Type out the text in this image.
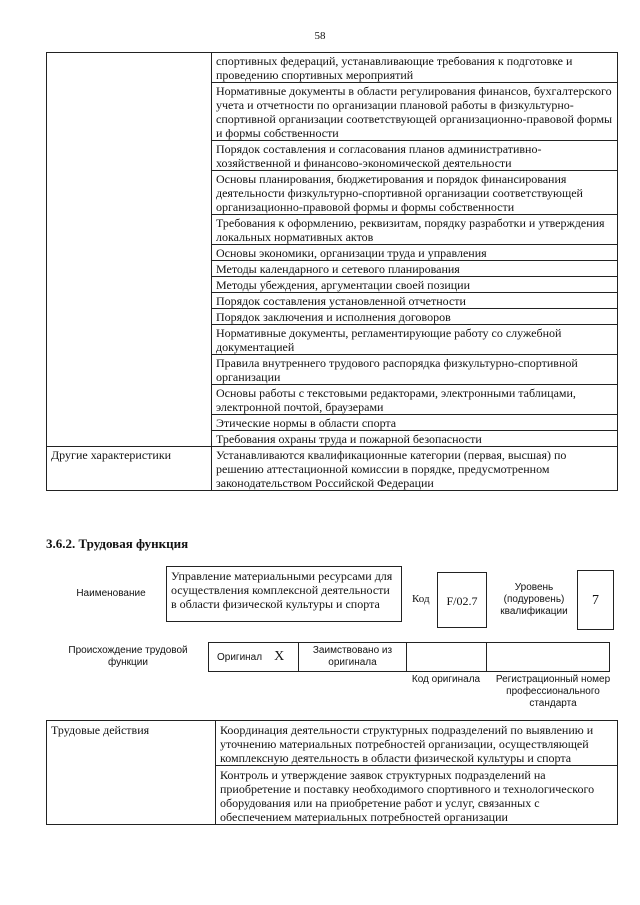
58
	спортивных федераций, устанавливающие требования к подготовке и проведению спортивных мероприятий
	Нормативные документы в области регулирования финансов, бухгалтерского учета и отчетности по организации плановой работы в физкультурно-спортивной организации соответствующей организационно-правовой формы и формы собственности
	Порядок составления и согласования планов административно-хозяйственной и финансово-экономической деятельности
	Основы планирования, бюджетирования и порядок финансирования деятельности физкультурно-спортивной организации соответствующей организационно-правовой формы и формы собственности
	Требования к оформлению, реквизитам, порядку разработки и утверждения локальных нормативных актов
	Основы экономики, организации труда и управления
	Методы календарного и сетевого планирования
	Методы убеждения, аргументации своей позиции
	Порядок составления установленной отчетности
	Порядок заключения и исполнения договоров
	Нормативные документы, регламентирующие работу со служебной документацией
	Правила внутреннего трудового распорядка физкультурно-спортивной организации
	Основы работы с текстовыми редакторами, электронными таблицами, электронной почтой, браузерами
	Этические нормы в области спорта
	Требования охраны труда и пожарной безопасности
Другие характеристики	Устанавливаются квалификационные категории (первая, высшая) по решению аттестационной комиссии в порядке, предусмотренном законодательством Российской Федерации
3.6.2. Трудовая функция
Наименование
Управление материальными ресурсами для осуществления комплексной деятельности в области физической культуры и спорта	Код	F/02.7
Уровень (подуровень) квалификации
7
Происхождение трудовой функции	Оригинал X	Заимствовано из оригинала
Код оригинала	Регистрационный номер профессионального стандарта
Трудовые действия	Координация деятельности структурных подразделений по выявлению и уточнению материальных потребностей организации, осуществляющей комплексную деятельность в области физической культуры и спорта
Контроль и утверждение заявок структурных подразделений на приобретение и поставку необходимого спортивного и технологического оборудования или на приобретение работ и услуг, связанных с обеспечением материальных потребностей организации
